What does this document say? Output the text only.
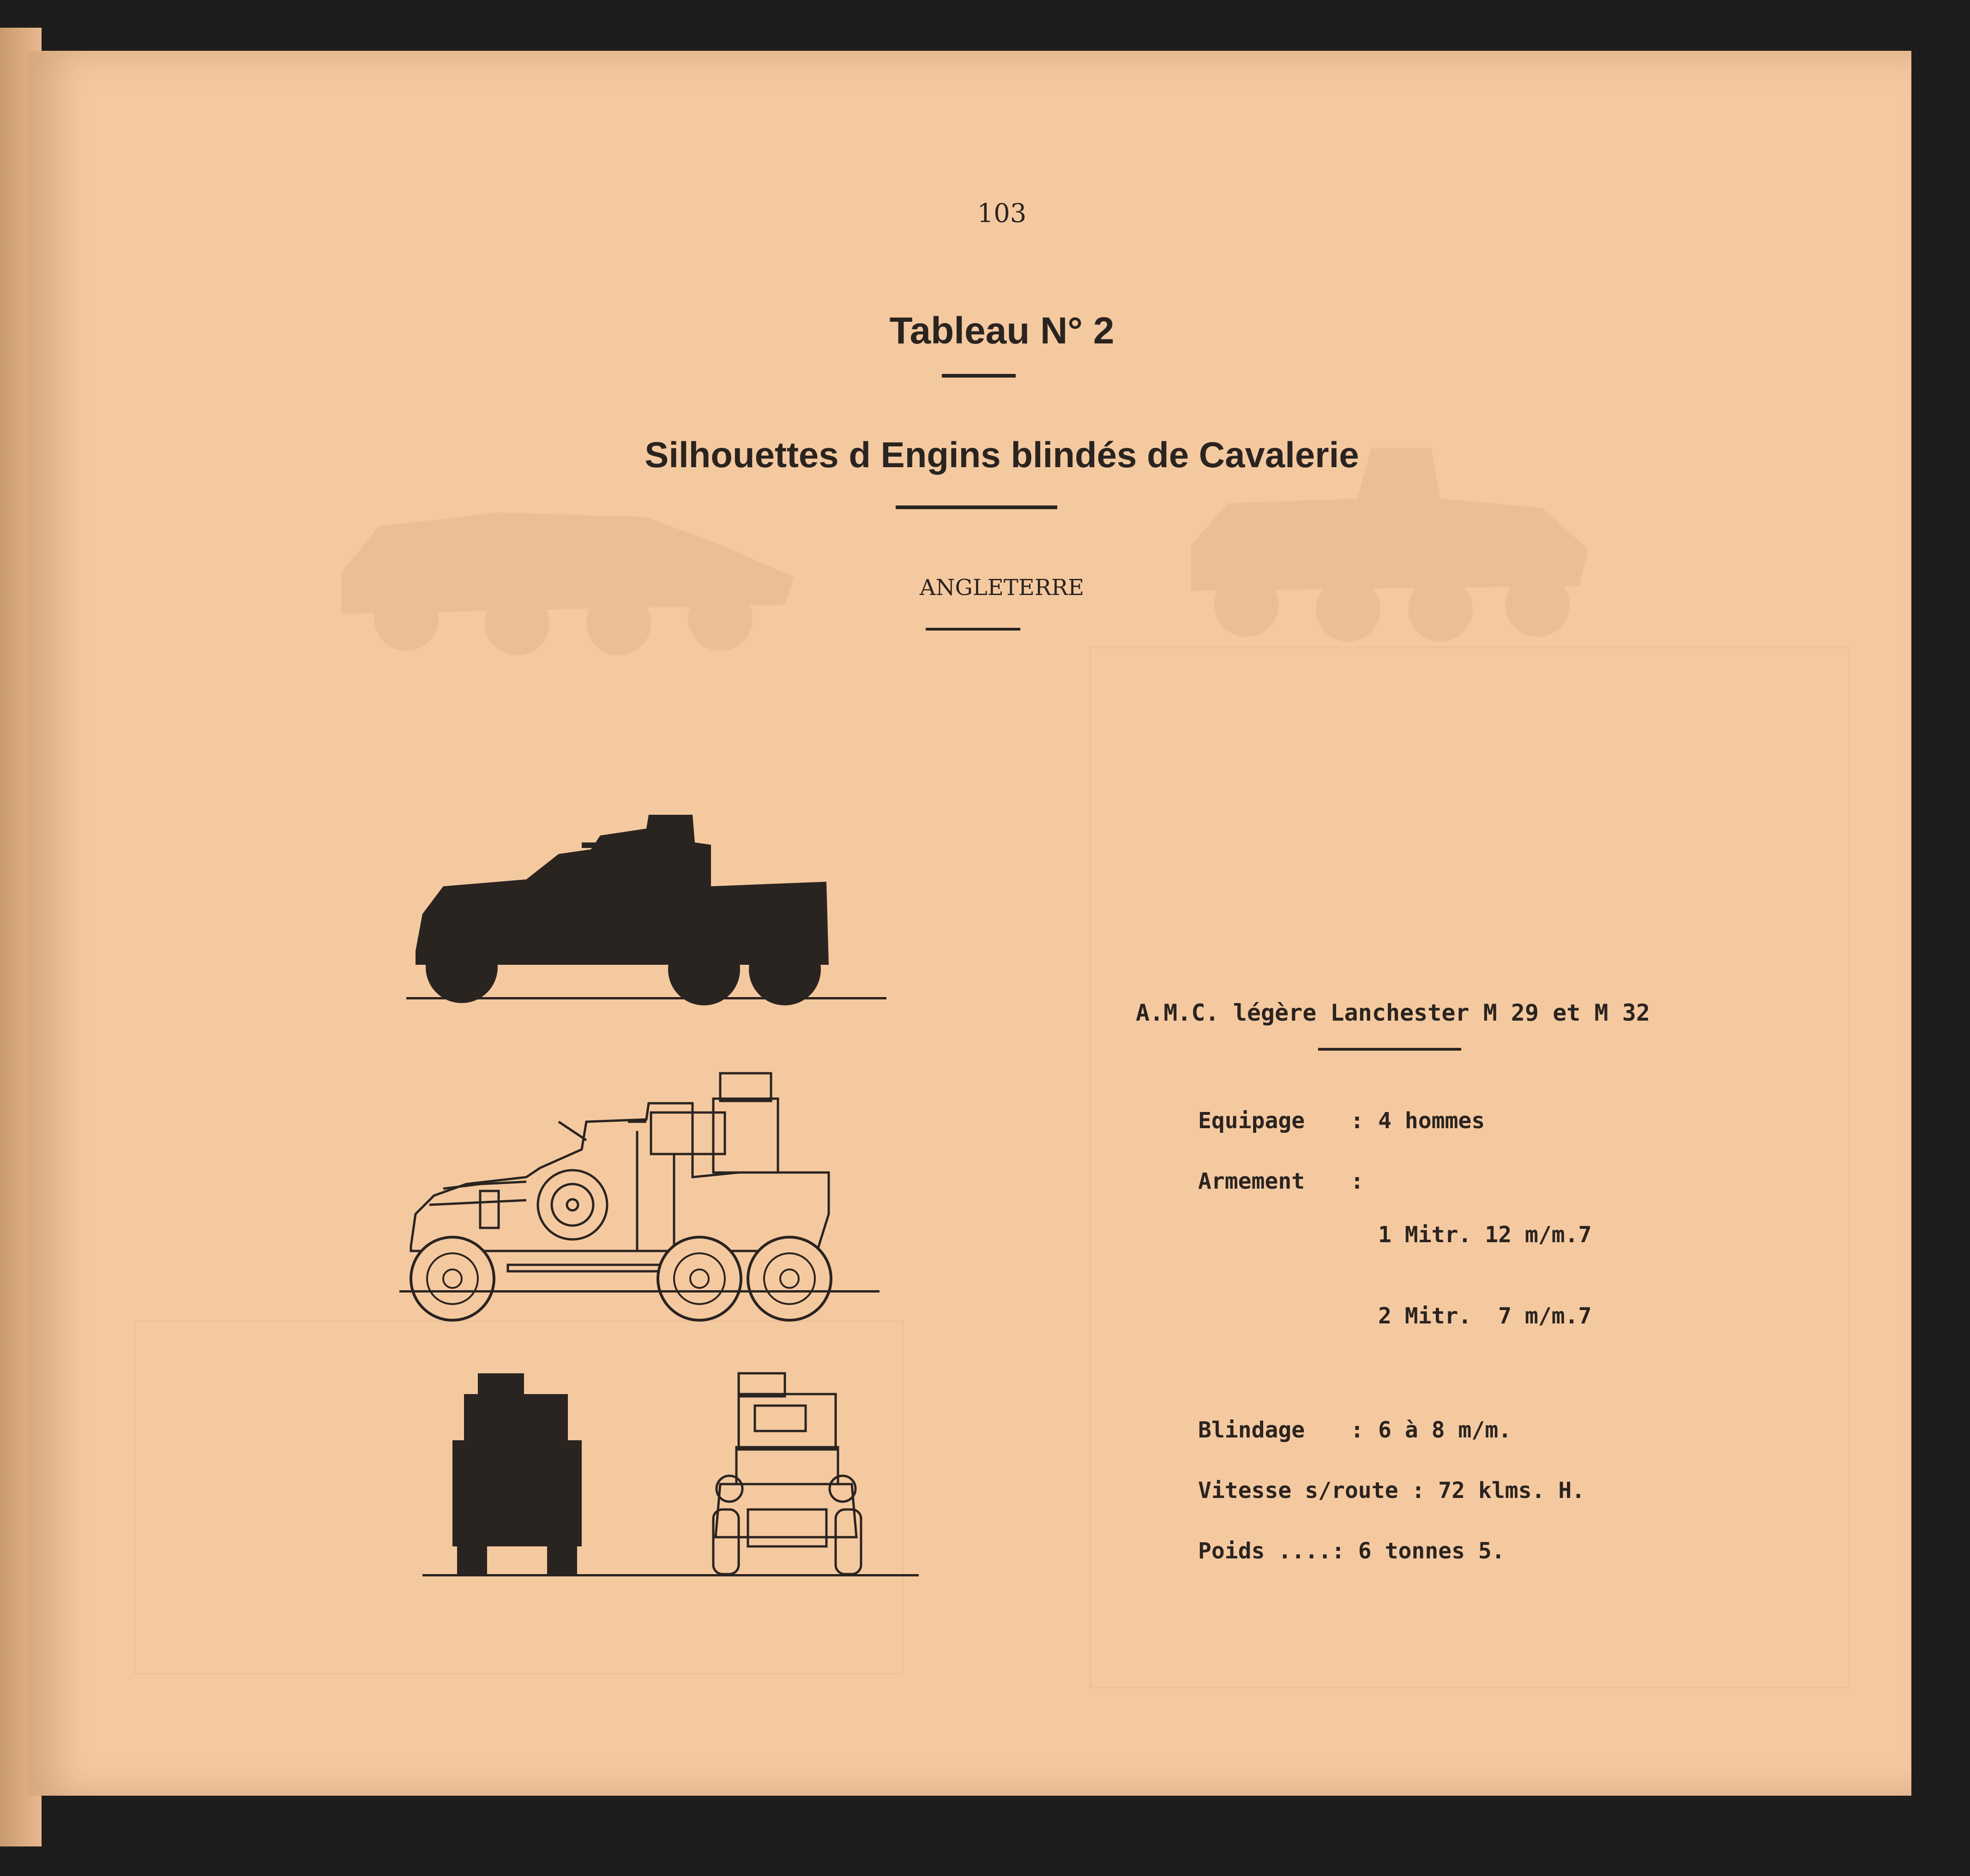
103
Tableau N° 2
Silhouettes d Engins blindés de Cavalerie
ANGLETERRE
A.M.C. légère Lanchester M 29 et M 32
Equipage	: 4 hommes
Armement	:

1 Mitr. 12 m/m.7

2 Mitr.  7 m/m.7

Blindage	: 6 à 8 m/m.
Vitesse s/route : 72 klms. H.
Poids ....: 6 tonnes 5.
